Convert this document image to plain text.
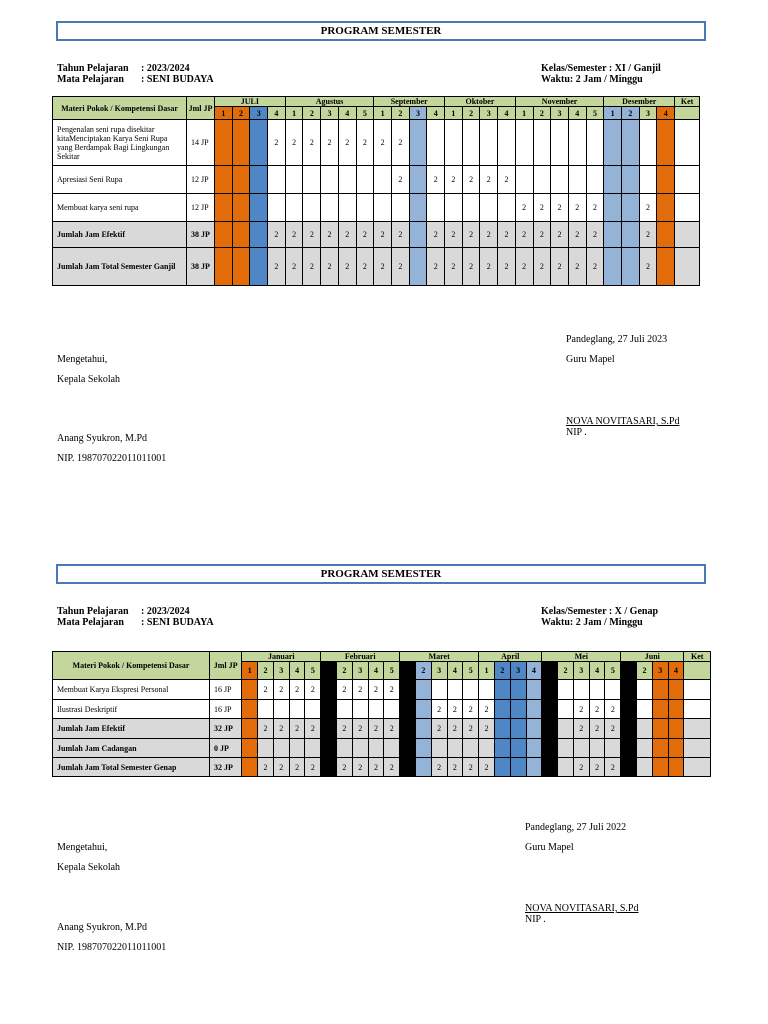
PROGRAM SEMESTER
Tahun Pelajaran : 2023/2024
Mata Pelajaran : SENI BUDAYA
Kelas/Semester : XI / Ganjil
Waktu: 2 Jam / Minggu
Materi Pokok / Kompetensi Dasar	Jml JP	JULI				Agustus					September				Oktober				November					Desember				Ket
		1	2	3	4	1	2	3	4	5	1	2	3	4	1	2	3	4	1	2	3	4	5	1	2	3	4	
Pengenalan seni rupa disekitar kitaMenciptakan Karya Seni Rupa yang Berdampak Bagi Lingkungan Sekitar	14 JP				2	2	2	2	2	2	2	2																
Apresiasi Seni Rupa	12 JP											2		2	2	2	2	2										
Membuat karya seni rupa	12 JP																		2	2	2	2	2			2		
Jumlah Jam Efektif	38 JP				2	2	2	2	2	2	2	2		2	2	2	2	2	2	2	2	2	2			2		
Jumlah Jam Total Semester Ganjil	38 JP				2	2	2	2	2	2	2	2		2	2	2	2	2	2	2	2	2	2			2		
Pandeglang, 27 Juli 2023
Guru Mapel
NOVA NOVITASARI, S.Pd
NIP .
Mengetahui,
Kepala Sekolah
Anang Syukron, M.Pd
NIP. 198707022011011001
PROGRAM SEMESTER
Tahun Pelajaran : 2023/2024
Mata Pelajaran : SENI BUDAYA
Kelas/Semester : X / Genap
Waktu: 2 Jam / Minggu
Materi Pokok / Kompetensi Dasar	Jml JP	Januari					Februari					Maret					April				Mei					Juni				Ket
		1	2	3	4	5	1	2	3	4	5	1	2	3	4	5	1	2	3	4	1	2	3	4	5	1	2	3	4	
Membuat Karya Ekspresi Personal	16 JP		2	2	2	2		2	2	2	2																			
Ilustrasi Deskriptif	16 JP													2	2	2	2						2	2	2	2				
Jumlah Jam Efektif	32 JP		2	2	2	2		2	2	2	2			2	2	2	2						2	2	2	2				
Jumlah Jam Cadangan	0 JP																													
Jumlah Jam Total Semester Genap	32 JP		2	2	2	2		2	2	2	2			2	2	2	2						2	2	2	2				
Pandeglang, 27 Juli 2022
Guru Mapel
NOVA NOVITASARI, S.Pd
NIP .
Mengetahui,
Kepala Sekolah
Anang Syukron, M.Pd
NIP. 198707022011011001
